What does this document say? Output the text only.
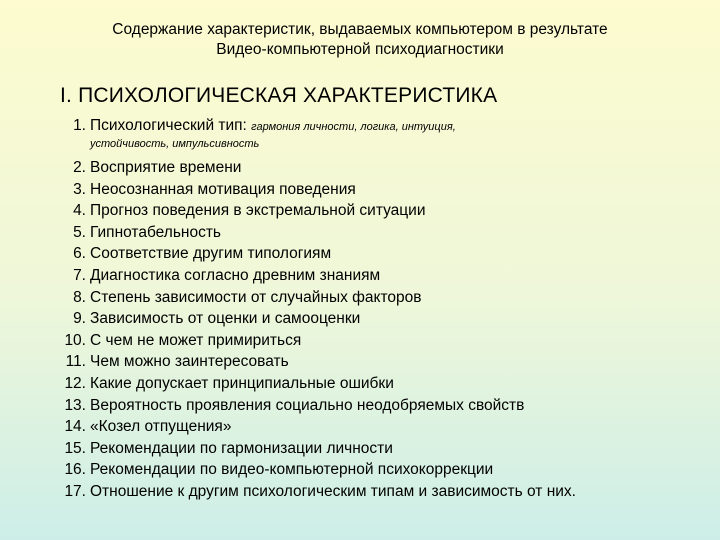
Содержание характеристик, выдаваемых компьютером в результате
Видео-компьютерной психодиагностики
I. ПСИХОЛОГИЧЕСКАЯ ХАРАКТЕРИСТИКА
1. Психологический тип: гармония личности, логика, интуиция,
устойчивость, импульсивность
2. Восприятие времени
3. Неосознанная мотивация поведения
4. Прогноз поведения в экстремальной ситуации
5. Гипнотабельность
6. Соответствие другим типологиям
7. Диагностика согласно древним знаниям
8. Степень зависимости от случайных факторов
9. Зависимость от оценки и самооценки
10. С чем не может примириться
11. Чем можно заинтересовать
12. Какие допускает принципиальные ошибки
13. Вероятность проявления социально неодобряемых свойств
14. «Козел отпущения»
15. Рекомендации по гармонизации личности
16. Рекомендации по видео-компьютерной психокоррекции
17. Отношение к другим психологическим типам и зависимость от них.
